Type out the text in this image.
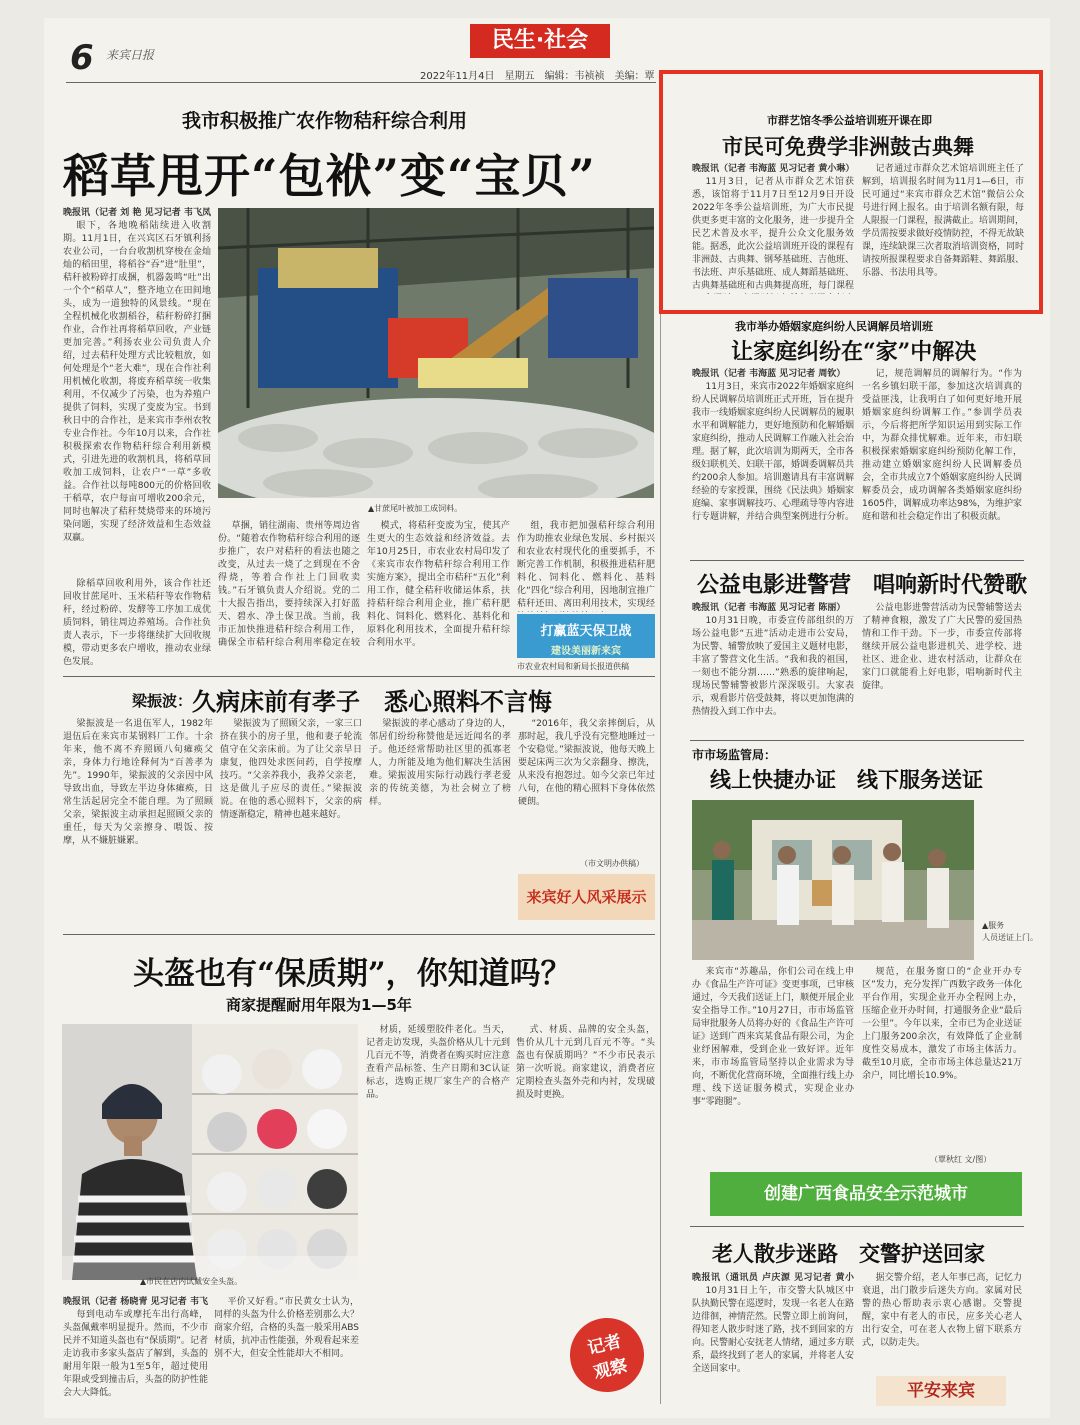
6 来宾日报
民生·社会
2022年11月4日　星期五　编辑：韦祯祯　美编：覃
我市积极推广农作物秸秆综合利用
稻草甩开“包袱”变“宝贝”
晚报讯（记者 刘 艳 见习记者 韦飞凤
眼下，各地晚稻陆续进入收割期。11月1日，在兴宾区石牙镇利扬农业公司，一台台收割机穿梭在金灿灿的稻田里，将稻谷“吞”进“肚里”，秸秆被粉碎打成捆，机器轰鸣“吐”出一个个“稻草人”，整齐地立在田间地头，成为一道独特的风景线。“现在全程机械化收割稻谷，秸秆粉碎打捆作业，合作社再将稻草回收，产业链更加完善。”利扬农业公司负责人介绍，过去秸秆处理方式比较粗放，如何处理是个“老大难”，现在合作社利用机械化收割，将废弃稻草统一收集利用，不仅减少了污染，也为养殖户提供了饲料，实现了变废为宝。书到秋日中的合作社，是来宾市李州农牧专业合作社。今年10月以来，合作社积极探索农作物秸秆综合利用新模式，引进先进的收割机具，将稻草回收加工成饲料，让农户“一草”多收益。合作社以每吨800元的价格回收干稻草，农户每亩可增收200余元，同时也解决了秸秆焚烧带来的环境污染问题，实现了经济效益和生态效益双赢。
除稻草回收利用外，该合作社还回收甘蔗尾叶、玉米秸秆等农作物秸秆，经过粉碎、发酵等工序加工成优质饲料，销往周边养殖场。合作社负责人表示，下一步将继续扩大回收规模，带动更多农户增收，推动农业绿色发展。
▲甘蔗尾叶被加工成饲料。
草捆，销往湖南、贵州等周边省份。“随着农作物秸秆综合利用的逐步推广，农户对秸秆的看法也随之改变，从过去一烧了之到现在不舍得烧，等着合作社上门回收卖钱。”石牙镇负责人介绍说。党的二十大报告指出，要持续深入打好蓝天、碧水、净土保卫战。当前，我市正加快推进秸秆综合利用工作，确保全市秸秆综合利用率稳定在较
模式，将秸秆变废为宝，使其产生更大的生态效益和经济效益。去年10月25日，市农业农村局印发了《来宾市农作物秸秆综合利用工作实施方案》，提出全市秸秆“五化”利用工作，健全秸秆收储运体系，扶持秸秆综合利用企业，推广秸秆肥料化、饲料化、燃料化、基料化和原料化利用技术，全面提升秸秆综合利用水平。
组，我市把加强秸秆综合利用作为助推农业绿色发展、乡村振兴和农业农村现代化的重要抓手，不断完善工作机制，积极推进秸秆肥料化、饲料化、燃料化、基料化“四化”综合利用，因地制宜推广秸秆还田、离田利用技术，实现经
打赢蓝天保卫战
建设美丽新来宾
市农业农村局和新局长报道供稿
梁振波： 久病床前有孝子　悉心照料不言悔
梁振波是一名退伍军人，1982年退伍后在来宾市某钢料厂工作。十余年来，他不离不弃照顾八旬瘫痪父亲，身体力行地诠释何为“百善孝为先”。1990年，梁振波的父亲因中风导致出血，导致左半边身体瘫痪，日常生活起居完全不能自理。为了照顾父亲，梁振波主动承担起照顾父亲的重任，每天为父亲擦身、喂饭、按摩，从不嫌脏嫌累。
梁振波为了照顾父亲，一家三口挤在狭小的房子里，他和妻子轮流值守在父亲床前。为了让父亲早日康复，他四处求医问药，自学按摩技巧。“父亲养我小，我养父亲老，这是做儿子应尽的责任。”梁振波说。在他的悉心照料下，父亲的病情逐渐稳定，精神也越来越好。
梁振波的孝心感动了身边的人，邻居们纷纷称赞他是远近闻名的孝子。他还经常帮助社区里的孤寡老人，力所能及地为他们解决生活困难。梁振波用实际行动践行孝老爱亲的传统美德，为社会树立了榜样。
“2016年，我父亲摔倒后，从那时起，我几乎没有完整地睡过一个安稳觉。”梁振波说，他每天晚上要起床两三次为父亲翻身、擦洗，从来没有抱怨过。如今父亲已年过八旬，在他的精心照料下身体依然硬朗。
（市文明办供稿）
来宾好人风采展示
头盔也有“保质期”，你知道吗？
商家提醒耐用年限为1—5年
▲市民在店内试戴安全头盔。
晚报讯（记者 杨晓青 见习记者 韦飞
每到电动车或摩托车出行高峰，头盔佩戴率明显提升。然而，不少市民并不知道头盔也有“保质期”。记者走访我市多家头盔店了解到，头盔的耐用年限一般为1至5年，超过使用年限或受到撞击后，头盔的防护性能会大大降低。
平价又好看。”市民黄女士认为，同样的头盔为什么价格差别那么大？商家介绍，合格的头盔一般采用ABS材质，抗冲击性能强，外观看起来差别不大，但安全性能却大不相同。
材质，延缓塑胶件老化。当天，记者走访发现，头盔价格从几十元到几百元不等，消费者在购买时应注意查看产品标签、生产日期和3C认证标志，选购正规厂家生产的合格产品。
式、材质、品牌的安全头盔，售价从几十元到几百元不等。“头盔也有保质期吗？”不少市民表示第一次听说。商家建议，消费者应定期检查头盔外壳和内衬，发现破损及时更换。
记者
观察
市群艺馆冬季公益培训班开课在即
市民可免费学非洲鼓古典舞
晚报讯（记者 韦海蓝 见习记者 黄小琳）
11月3日，记者从市群众艺术馆获悉，该馆将于11月7日至12月9日开设2022年冬季公益培训班，为广大市民提供更多更丰富的文化服务，进一步提升全民艺术普及水平，提升公众文化服务效能。据悉，此次公益培训班开设的课程有非洲鼓、古典舞、钢琴基础班、吉他班、书法班、声乐基础班、成人舞蹈基础班、古典舞基础班和古典舞提高班，每门课程
记者通过市群众艺术馆培训班主任了解到，培训报名时间为11月1—6日，市民可通过“来宾市群众艺术馆”微信公众号进行网上报名。由于培训名额有限，每人限报一门课程，报满截止。培训期间，学员需按要求做好疫情防控，不得无故缺课，连续缺课三次者取消培训资格，同时请按所报课程要求自备舞蹈鞋、舞蹈服、乐器、书法用具等。
我市举办婚姻家庭纠纷人民调解员培训班
让家庭纠纷在“家”中解决
晚报讯（记者 韦海蓝 见习记者 周钦）
11月3日，来宾市2022年婚姻家庭纠纷人民调解员培训班正式开班，旨在提升我市一线婚姻家庭纠纷人民调解员的履职水平和调解能力，更好地预防和化解婚姻家庭纠纷，推动人民调解工作融入社会治理。据了解，此次培训为期两天，全市各级妇联机关、妇联干部，婚调委调解员共约200余人参加。培训邀请具有丰富调解经验的专家授课，围绕《民法典》婚姻家庭编、家事调解技巧、心理疏导等内容进行专题讲解，并结合典型案例进行分析。
记，规范调解员的调解行为。“作为一名乡镇妇联干部，参加这次培训真的受益匪浅，让我明白了如何更好地开展婚姻家庭纠纷调解工作。”参训学员表示，今后将把所学知识运用到实际工作中，为群众排忧解难。近年来，市妇联积极探索婚姻家庭纠纷预防化解工作，推动建立婚姻家庭纠纷人民调解委员会，全市共成立7个婚姻家庭纠纷人民调解委员会，成功调解各类婚姻家庭纠纷1605件，调解成功率达98%，为维护家庭和谐和社会稳定作出了积极贡献。
公益电影进警营　唱响新时代赞歌
晚报讯（记者 韦海蓝 见习记者 陈丽）
10月31日晚，市委宣传部组织的万场公益电影“五进”活动走进市公安局，为民警、辅警放映了爱国主义题材电影，丰富了警营文化生活。“我和我的祖国，一刻也不能分割……”熟悉的旋律响起，现场民警辅警被影片深深吸引。大家表示，观看影片倍受鼓舞，将以更加饱满的热情投入到工作中去。
公益电影进警营活动为民警辅警送去了精神食粮，激发了广大民警的爱国热情和工作干劲。下一步，市委宣传部将继续开展公益电影进机关、进学校、进社区、进企业、进农村活动，让群众在家门口就能看上好电影，唱响新时代主旋律。
市市场监管局：
线上快捷办证　线下服务送证
▲服务
人员送证上门。
来宾市“苏趣品，你们公司在线上申办《食品生产许可证》变更事项，已审核通过，今天我们送证上门，顺便开展企业安全指导工作。”10月27日，市市场监管局审批服务人员将办好的《食品生产许可证》送到广西来宾某食品有限公司，为企业纾困解难，受到企业一致好评。近年来，市市场监管局坚持以企业需求为导向，不断优化营商环境，全面推行线上办理、线下送证服务模式，实现企业办事“零跑腿”。
规范，在服务窗口的“企业开办专区”发力，充分发挥广西数字政务一体化平台作用，实现企业开办全程网上办，压缩企业开办时间，打通服务企业“最后一公里”。今年以来，全市已为企业送证上门服务200余次，有效降低了企业制度性交易成本，激发了市场主体活力。截至10月底，全市市场主体总量达21万余户，同比增长10.9%。
（覃秋红 文/图）
创建广西食品安全示范城市
老人散步迷路　交警护送回家
晚报讯（通讯员 卢庆源 见习记者 黄小
10月31日上午，市交警大队城区中队执勤民警在巡逻时，发现一名老人在路边徘徊，神情茫然。民警立即上前询问，得知老人散步时迷了路，找不到回家的方向。民警耐心安抚老人情绪，通过多方联系，最终找到了老人的家属，并将老人安全送回家中。
据交警介绍，老人年事已高，记忆力衰退，出门散步后迷失方向。家属对民警的热心帮助表示衷心感谢。交警提醒，家中有老人的市民，应多关心老人出行安全，可在老人衣物上留下联系方式，以防走失。
平安来宾
